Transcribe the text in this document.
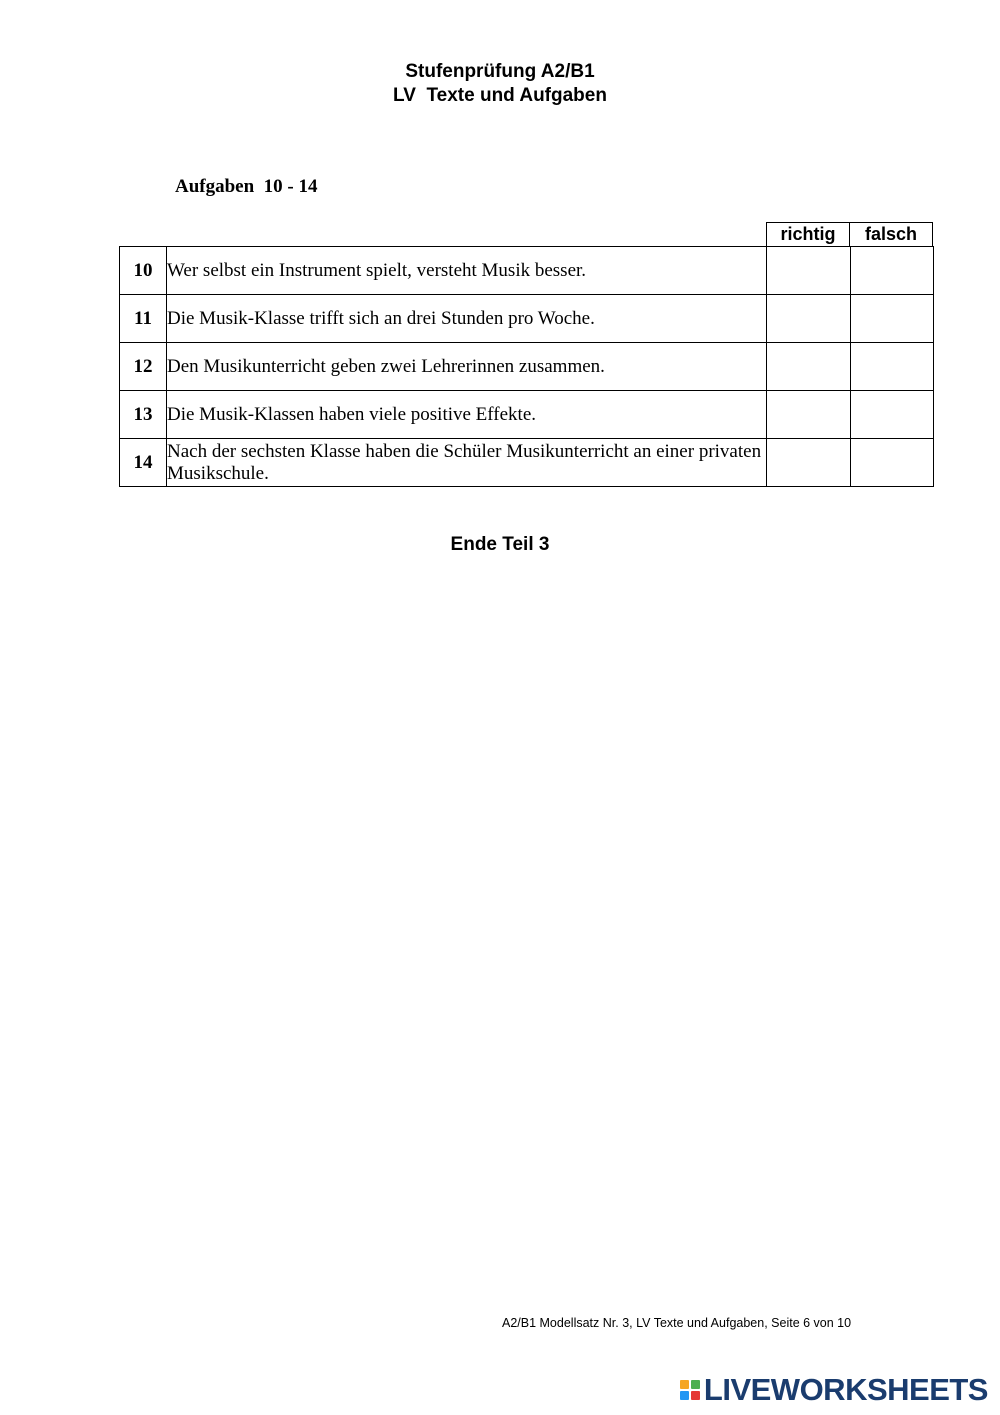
Stufenprüfung A2/B1
LV  Texte und Aufgaben
Aufgaben  10 - 14
richtig	falsch
10	Wer selbst ein Instrument spielt, versteht Musik besser.		
11	Die Musik-Klasse trifft sich an drei Stunden pro Woche.		
12	Den Musikunterricht geben zwei Lehrerinnen zusammen.		
13	Die Musik-Klassen haben viele positive Effekte.		
14	Nach der sechsten Klasse haben die Schüler Musikunterricht an einer privaten Musikschule.		
Ende Teil 3
A2/B1 Modellsatz Nr. 3, LV Texte und Aufgaben, Seite 6 von 10
LIVEWORKSHEETS
